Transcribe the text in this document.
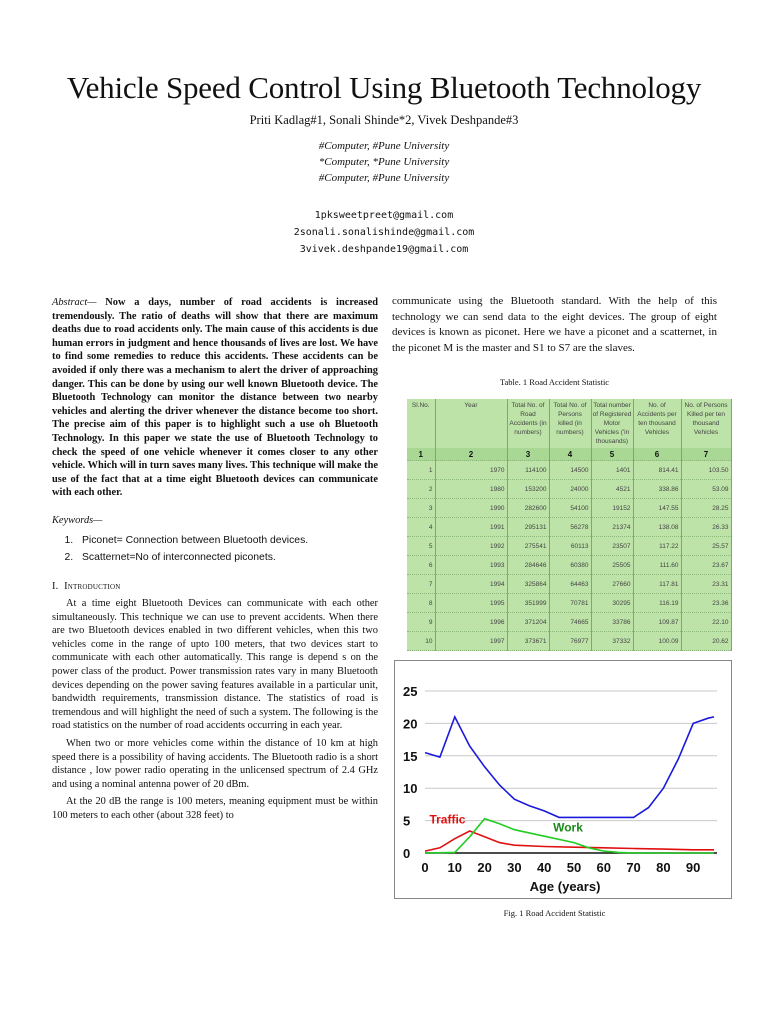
Vehicle Speed Control Using Bluetooth Technology
Priti Kadlag#1, Sonali Shinde*2, Vivek Deshpande#3
#Computer, #Pune University
*Computer, *Pune University
#Computer, #Pune University
1pksweetpreet@gmail.com
2sonali.sonalishinde@gmail.com
3vivek.deshpande19@gmail.com
Abstract— Now a days, number of road accidents is increased tremendously. The ratio of deaths will show that there are maximum deaths due to road accidents only. The main cause of this accidents is due human errors in judgment and hence thousands of lives are lost. We have to find some remedies to reduce this accidents. These accidents can be avoided if only there was a mechanism to alert the driver of approaching danger. This can be done by using our well known Bluetooth device. The Bluetooth Technology can monitor the distance between two nearby vehicles and alerting the driver whenever the distance become too short. The precise aim of this paper is to highlight such a use oh Bluetooth Technology. In this paper we state the use of Bluetooth Technology to check the speed of one vehicle whenever it comes closer to any other vehicle. Which will in turn saves many lives. This technique will make the use of the fact that at a time eight Bluetooth devices can communicate with each other.
Keywords—
1. Piconet= Connection between Bluetooth devices.
2. Scatternet=No of interconnected piconets.
I. Introduction

At a time eight Bluetooth Devices can communicate with each other simultaneously. This technique we can use to prevent accidents. When there are two Bluetooth devices enabled in two different vehicles, when this two vehicles come in the range of upto 100 meters, that two devices start to communicate with each other automatically. This range is depend s on the power class of the product. Power transmission rates vary in many Bluetooth devices depending on the power saving features available in a particular unit, bandwidth requirements, transmission distance. The statistics of road is tremendous and will highlight the need of such a system. The following is the road statistics on the number of road accidents occurring in each year.

When two or more vehicles come within the distance of 10 km at high speed there is a possibility of having accidents. The Bluetooth radio is a short distance , low power radio operating in the unlicensed spectrum of 2.4 GHz and using a nominal antenna power of 20 dBm.

At the 20 dB the range is 100 meters, meaning equipment must be within 100 meters to each other (about 328 feet) to

communicate using the Bluetooth standard. With the help of this technology we can send data to the eight devices. The group of eight devices is known as piconet. Here we have a piconet and a scatternet, in the piconet M is the master and S1 to S7 are the slaves.
Table. 1 Road Accident Statistic
Sl.No.	Year	Total No. of Road Accidents (in numbers)	Total No. of Persons killed (in numbers)	Total number of Registered Motor Vehicles ('in thousands)	No. of Accidents per ten thousand Vehicles	No. of Persons Killed per ten thousand Vehicles
1	2	3	4	5	6	7
1	1970	114100	14500	1401	814.41	103.50
2	1980	153200	24000	4521	338.86	53.09
3	1990	282600	54100	19152	147.55	28.25
4	1991	295131	56278	21374	138.08	26.33
5	1992	275541	60113	23507	117.22	25.57
6	1993	284646	60380	25505	111.60	23.67
7	1994	325864	64463	27660	117.81	23.31
8	1995	351999	70781	30295	116.19	23.36
9	1996	371204	74665	33786	109.87	22.10
10	1997	373671	76977	37332	100.09	20.62
0
5
10
15
20
25
0 10 20 30 40 50 60 70 80 90
Age (years)
Traffic
Work
Fig. 1 Road Accident Statistic
